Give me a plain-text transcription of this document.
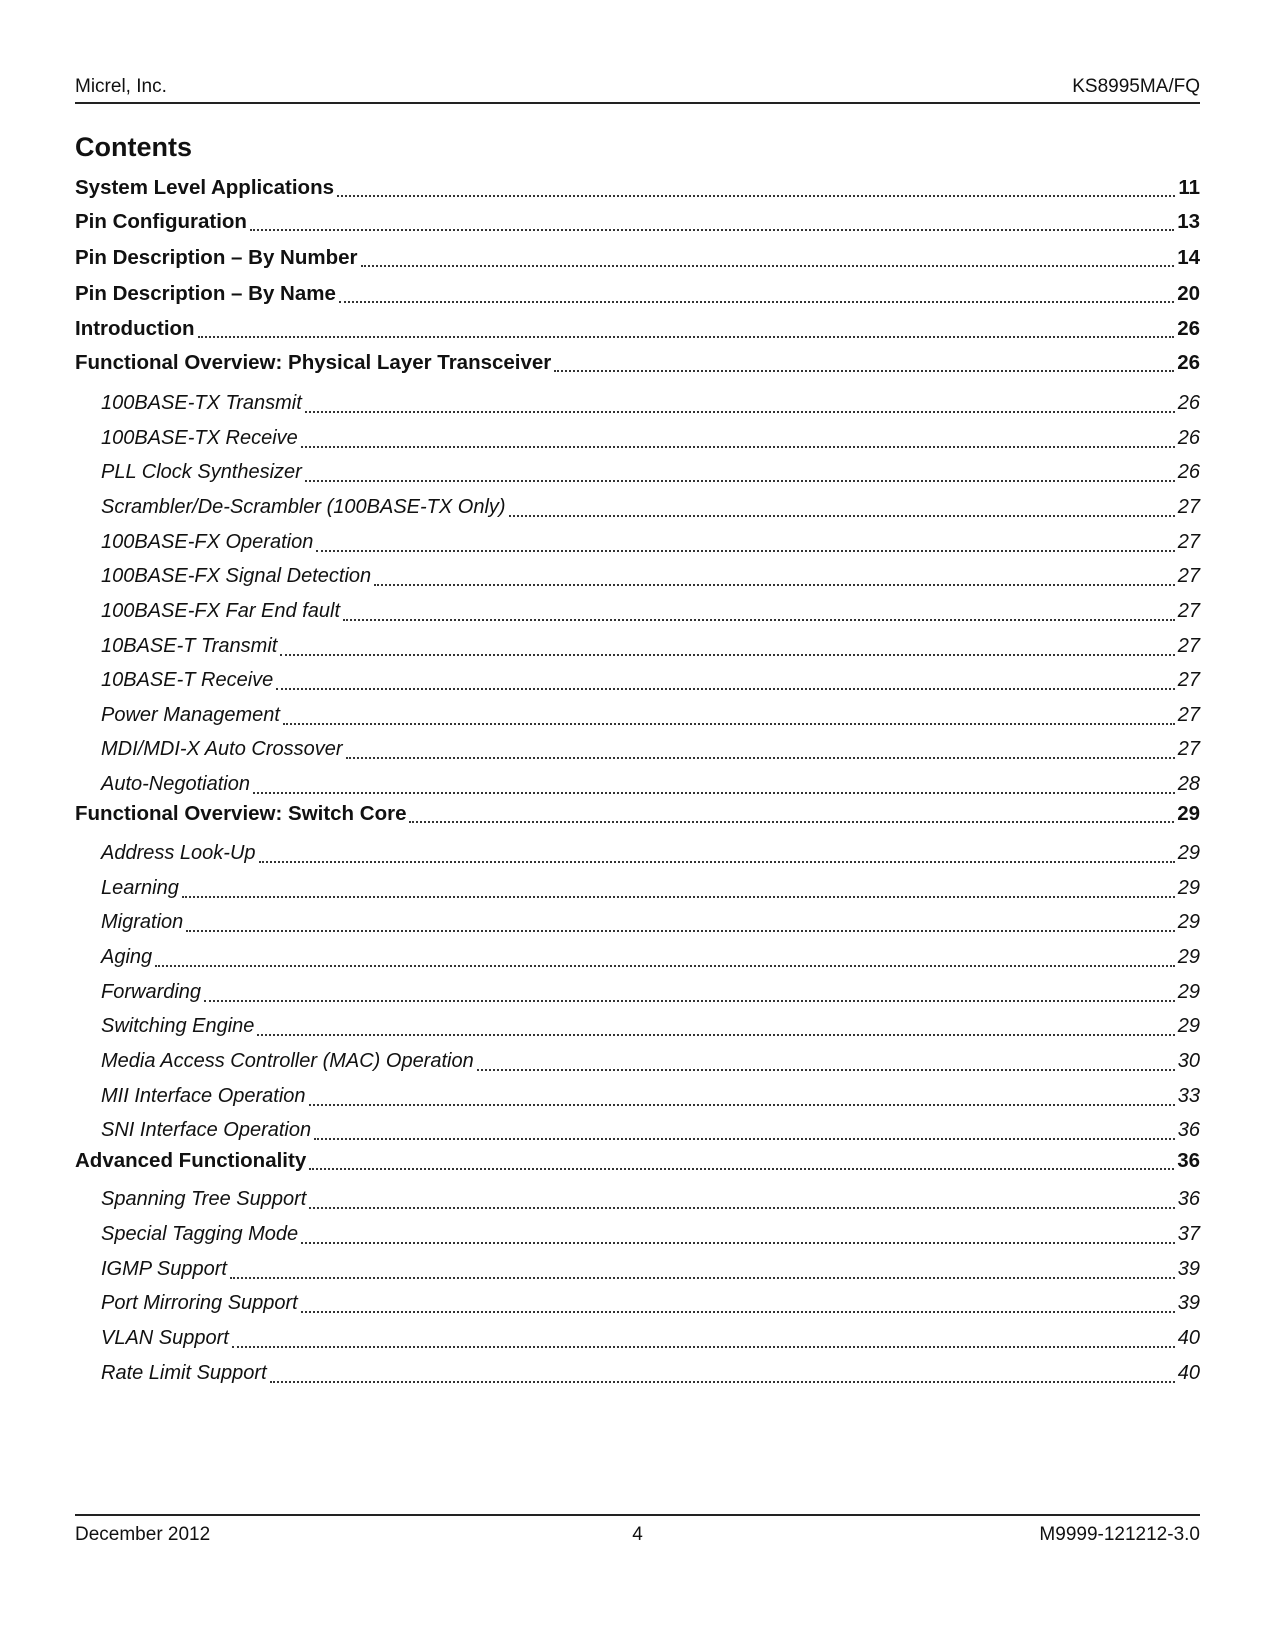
Micrel, Inc.	KS8995MA/FQ
Contents
System Level Applications	11
Pin Configuration	13
Pin Description – By Number	14
Pin Description – By Name	20
Introduction	26
Functional Overview: Physical Layer Transceiver	26
100BASE-TX Transmit	26
100BASE-TX Receive	26
PLL Clock Synthesizer	26
Scrambler/De-Scrambler (100BASE-TX Only)	27
100BASE-FX Operation	27
100BASE-FX Signal Detection	27
100BASE-FX Far End fault	27
10BASE-T Transmit	27
10BASE-T Receive	27
Power Management	27
MDI/MDI-X Auto Crossover	27
Auto-Negotiation	28
Functional Overview: Switch Core	29
Address Look-Up	29
Learning	29
Migration	29
Aging	29
Forwarding	29
Switching Engine	29
Media Access Controller (MAC) Operation	30
MII Interface Operation	33
SNI Interface Operation	36
Advanced Functionality	36
Spanning Tree Support	36
Special Tagging Mode	37
IGMP Support	39
Port Mirroring Support	39
VLAN Support	40
Rate Limit Support	40
December 2012	4	M9999-121212-3.0
